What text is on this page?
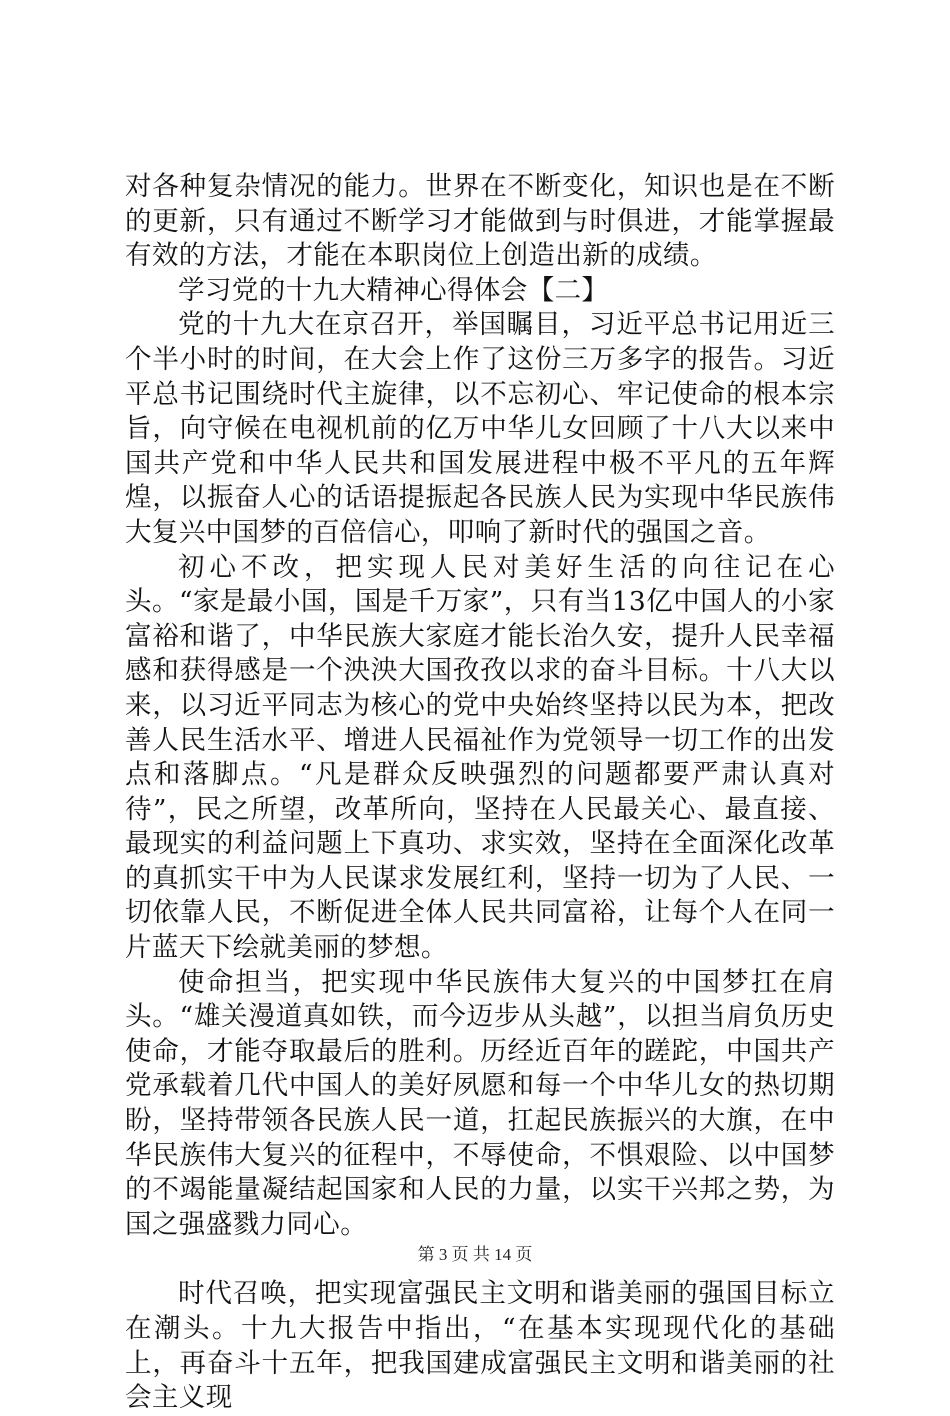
对各种复杂情况的能力。世界在不断变化，知识也是在不断的更新，只有通过不断学习才能做到与时俱进，才能掌握最有效的方法，才能在本职岗位上创造出新的成绩。

学习党的十九大精神心得体会【二】

党的十九大在京召开，举国瞩目，习近平总书记用近三个半小时的时间，在大会上作了这份三万多字的报告。习近平总书记围绕时代主旋律，以不忘初心、牢记使命的根本宗旨，向守候在电视机前的亿万中华儿女回顾了十八大以来中国共产党和中华人民共和国发展进程中极不平凡的五年辉煌，以振奋人心的话语提振起各民族人民为实现中华民族伟大复兴中国梦的百倍信心，叩响了新时代的强国之音。

初心不改，把实现人民对美好生活的向往记在心头。“家是最小国，国是千万家”，只有当13亿中国人的小家富裕和谐了，中华民族大家庭才能长治久安，提升人民幸福感和获得感是一个泱泱大国孜孜以求的奋斗目标。十八大以来，以习近平同志为核心的党中央始终坚持以民为本，把改善人民生活水平、增进人民福祉作为党领导一切工作的出发点和落脚点。“凡是群众反映强烈的问题都要严肃认真对待”，民之所望，改革所向，坚持在人民最关心、最直接、最现实的利益问题上下真功、求实效，坚持在全面深化改革的真抓实干中为人民谋求发展红利，坚持一切为了人民、一切依靠人民，不断促进全体人民共同富裕，让每个人在同一片蓝天下绘就美丽的梦想。

使命担当，把实现中华民族伟大复兴的中国梦扛在肩头。“雄关漫道真如铁，而今迈步从头越”，以担当肩负历史使命，才能夺取最后的胜利。历经近百年的蹉跎，中国共产党承载着几代中国人的美好夙愿和每一个中华儿女的热切期盼，坚持带领各民族人民一道，扛起民族振兴的大旗，在中华民族伟大复兴的征程中，不辱使命，不惧艰险、以中国梦的不竭能量凝结起国家和人民的力量，以实干兴邦之势，为国之强盛戮力同心。

时代召唤，把实现富强民主文明和谐美丽的强国目标立在潮头。十九大报告中指出，“在基本实现现代化的基础上，再奋斗十五年，把我国建成富强民主文明和谐美丽的社会主义现

第 3 页 共 14 页
